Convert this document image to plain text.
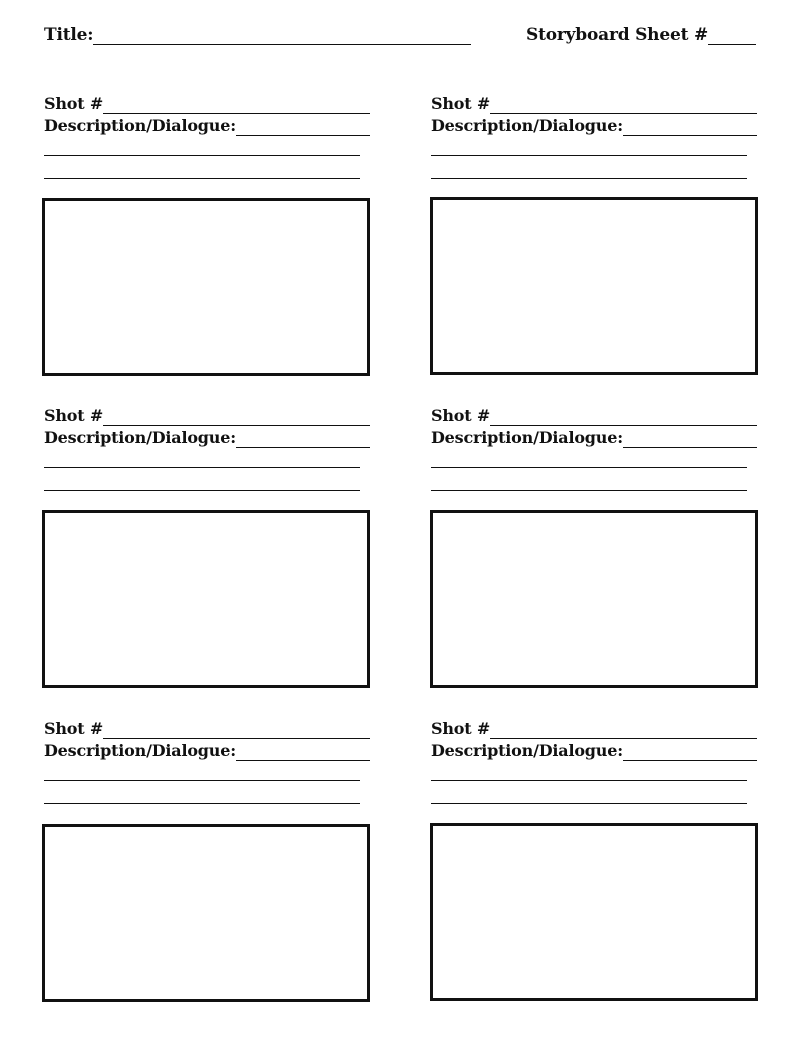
Title:	Storyboard Sheet #
Shot #
Description/Dialogue:
Shot #
Description/Dialogue:
Shot #
Description/Dialogue:
Shot #
Description/Dialogue:
Shot #
Description/Dialogue:
Shot #
Description/Dialogue:
